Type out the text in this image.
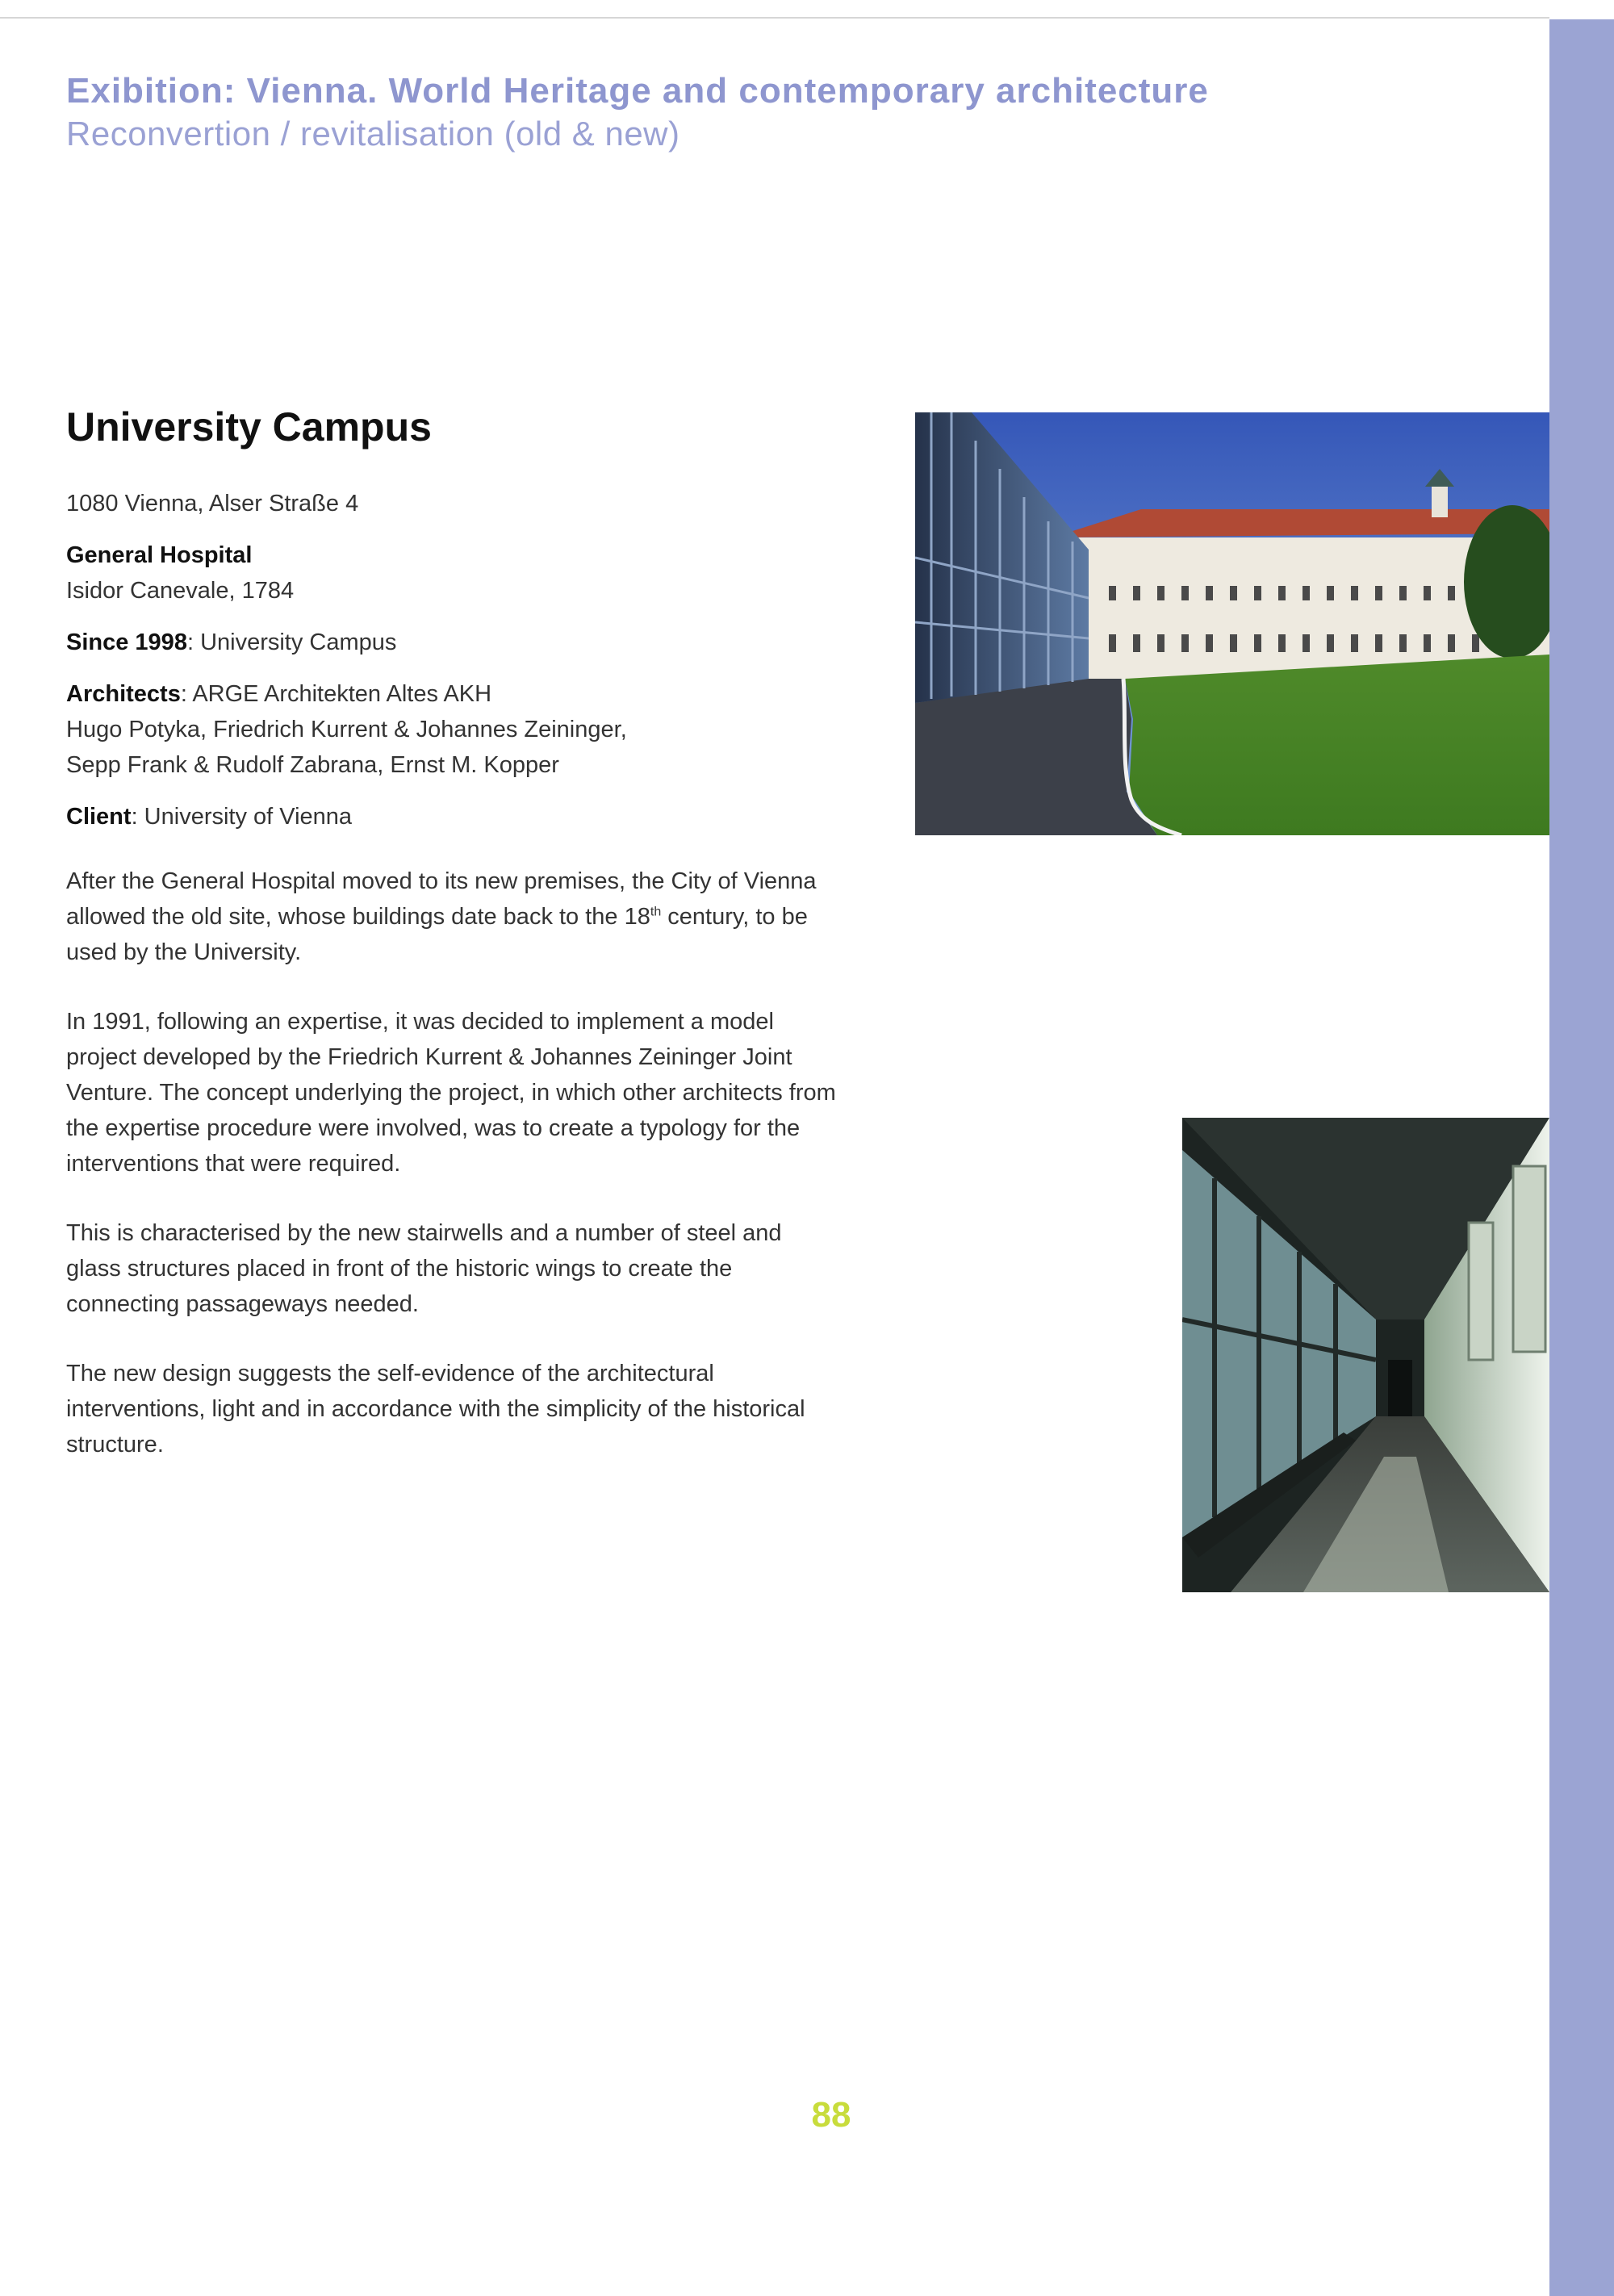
Exibition: Vienna. World Heritage and contemporary architecture
Reconvertion / revitalisation (old & new)
University Campus

1080 Vienna, Alser Straße 4

General Hospital

Isidor Canevale, 1784

Since 1998: University Campus

Architects: ARGE Architekten Altes AKH

Hugo Potyka, Friedrich Kurrent & Johannes Zeininger,

Sepp Frank & Rudolf Zabrana, Ernst M. Kopper

Client: University of Vienna

After the General Hospital moved to its new premises, the City of Vienna allowed the old site, whose buildings date back to the 18th century, to be used by the University.

In 1991, following an expertise, it was decided to implement a model project developed by the Friedrich Kurrent & Johannes Zeininger Joint Venture. The concept underlying the project, in which other architects from the expertise procedure were involved, was to create a typology for the interventions that were required.

This is characterised by the new stairwells and a number of steel and glass structures placed in front of the historic wings to create the connecting passageways needed.

The new design suggests the self-evidence of the architectural interventions, light and in accordance with the simplicity of the historical structure.

88
